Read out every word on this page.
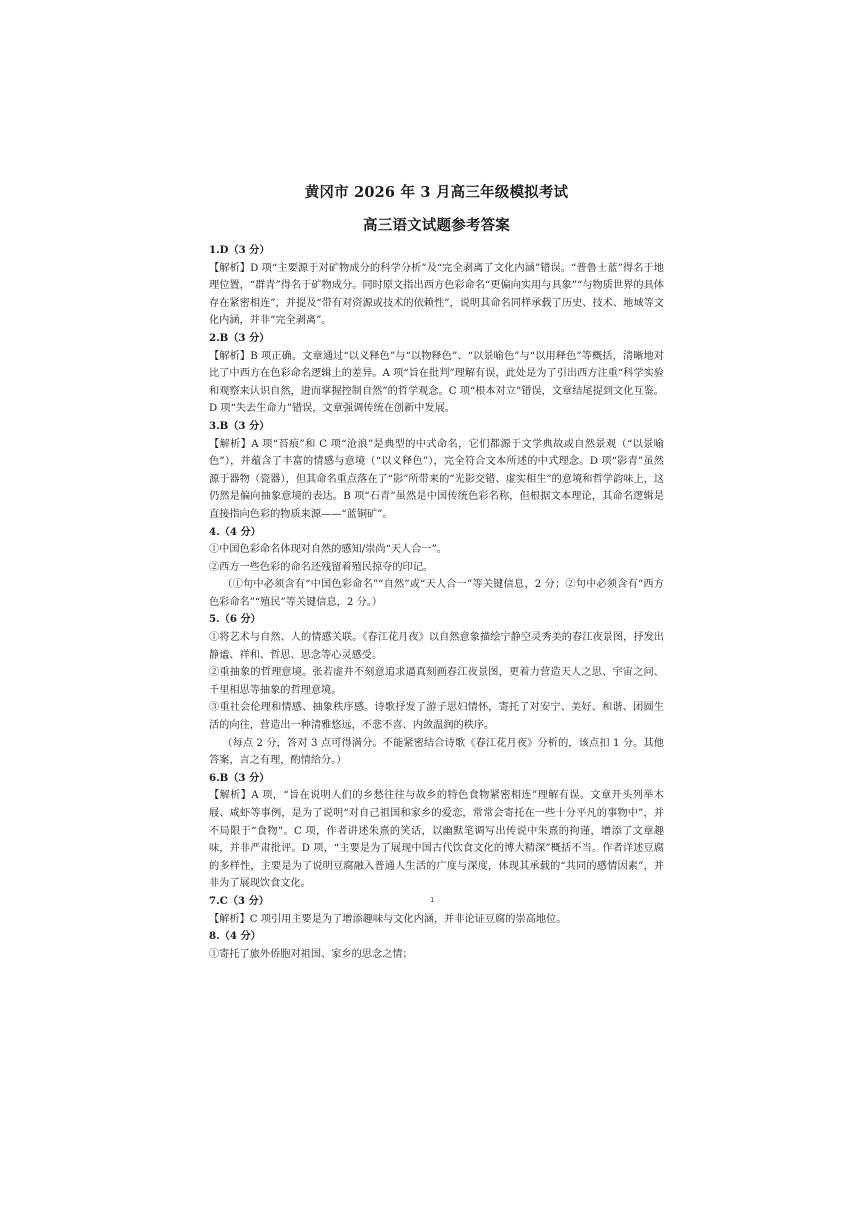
黄冈市 2026 年 3 月高三年级模拟考试
高三语文试题参考答案

1.D（3 分）

【解析】D 项“主要源于对矿物成分的科学分析”及“完全剥离了文化内涵”错误。“普鲁士蓝”得名于地理位置，“群青”得名于矿物成分。同时原文指出西方色彩命名“更偏向实用与具象”“与物质世界的具体存在紧密相连”，并提及“带有对资源或技术的依赖性”，说明其命名同样承载了历史、技术、地域等文化内涵，并非“完全剥离”。

2.B（3 分）

【解析】B 项正确。文章通过“以义释色”与“以物释色”、“以景喻色”与“以用释色”等概括，清晰地对比了中西方在色彩命名逻辑上的差异。A 项“旨在批判”理解有误，此处是为了引出西方注重“科学实验和观察来认识自然，进而掌握控制自然”的哲学观念。C 项“根本对立”错误，文章结尾提到文化互鉴。D 项“失去生命力”错误，文章强调传统在创新中发展。

3.B（3 分）

【解析】A 项“苔痕”和 C 项“沧浪”是典型的中式命名，它们都源于文学典故或自然景观（“以景喻色”），并蕴含了丰富的情感与意境（“以义释色”），完全符合文本所述的中式理念。D 项“影青”虽然源于器物（瓷器），但其命名重点落在了“影”所带来的“光影交错、虚实相生”的意境和哲学韵味上，这仍然是偏向抽象意境的表达。B 项“石青”虽然是中国传统色彩名称，但根据文本理论，其命名逻辑是直接指向色彩的物质来源——“蓝铜矿”。

4.（4 分）

①中国色彩命名体现对自然的感知/崇尚“天人合一”。

②西方一些色彩的命名还残留着殖民掠夺的印记。

（①句中必须含有“中国色彩命名”“自然”或“天人合一”等关键信息，2 分；②句中必须含有“西方色彩命名”“殖民”等关键信息，2 分。）

5.（6 分）

①将艺术与自然、人的情感关联。《春江花月夜》以自然意象描绘宁静空灵秀美的春江夜景图，抒发出静谧、祥和、哲思、思念等心灵感受。

②重抽象的哲理意境。张若虚并不刻意追求逼真刻画春江夜景图，更着力营造天人之思、宇宙之问、千里相思等抽象的哲理意境。

③重社会伦理和情感、抽象秩序感。诗歌抒发了游子思妇情怀，寄托了对安宁、美好、和谐、团圆生活的向往，营造出一种清雅悠远，不悲不喜、内敛温润的秩序。

（每点 2 分，答对 3 点可得满分。不能紧密结合诗歌《春江花月夜》分析的，该点扣 1 分。其他答案，言之有理，酌情给分。）

6.B（3 分）

【解析】A 项，“旨在说明人们的乡愁往往与故乡的特色食物紧密相连”理解有误。文章开头列举木屐、咸虾等事例，是为了说明“对自己祖国和家乡的爱恋，常常会寄托在一些十分平凡的事物中”，并不局限于“食物”。C 项，作者讲述朱熹的笑话，以幽默笔调写出传说中朱熹的拘谨，增添了文章趣味，并非严肃批评。D 项，“主要是为了展现中国古代饮食文化的博大精深”概括不当。作者详述豆腐的多样性，主要是为了说明豆腐融入普通人生活的广度与深度，体现其承载的“共同的感情因素”，并非为了展现饮食文化。

7.C（3 分）

【解析】C 项引用主要是为了增添趣味与文化内涵，并非论证豆腐的崇高地位。

8.（4 分）

①寄托了旅外侨胞对祖国、家乡的思念之情；

1
